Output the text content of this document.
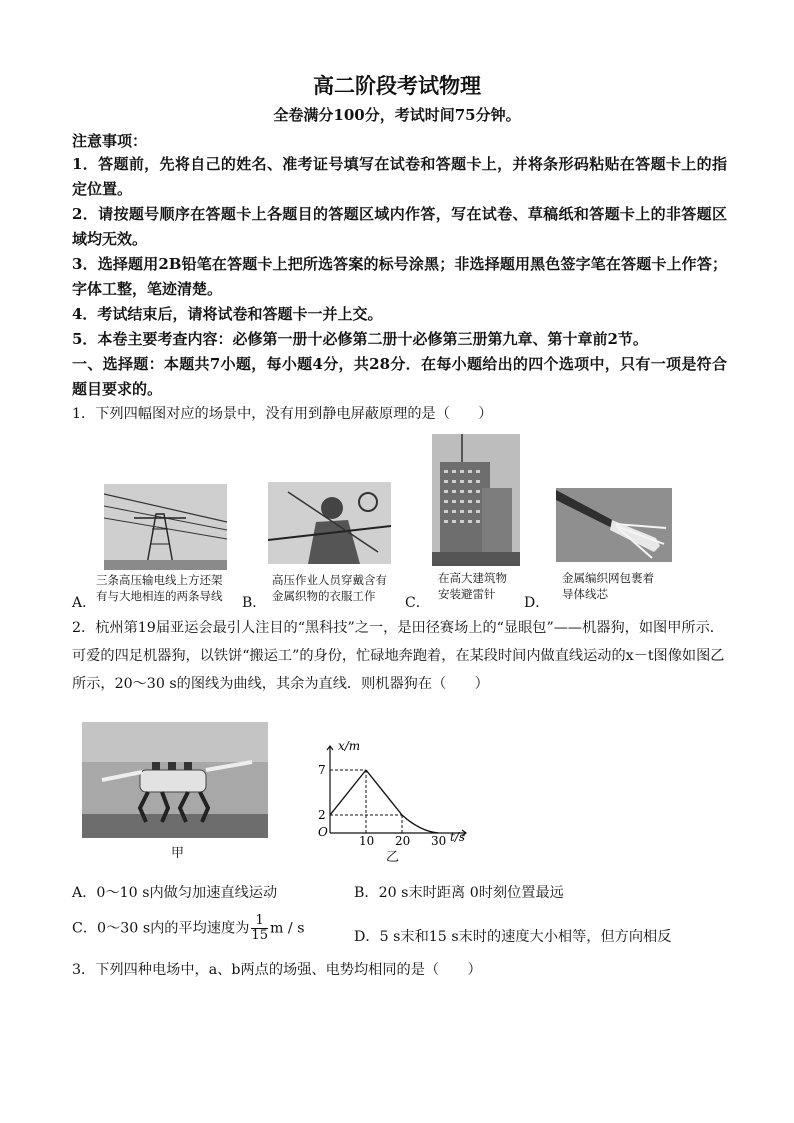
高二阶段考试物理
全卷满分100分，考试时间75分钟。
注意事项：
1．答题前，先将自己的姓名、准考证号填写在试卷和答题卡上，并将条形码粘贴在答题卡上的指定位置。
2．请按题号顺序在答题卡上各题目的答题区域内作答，写在试卷、草稿纸和答题卡上的非答题区域均无效。
3．选择题用2B铅笔在答题卡上把所选答案的标号涂黑；非选择题用黑色签字笔在答题卡上作答；字体工整，笔迹清楚。
4．考试结束后，请将试卷和答题卡一并上交。
5．本卷主要考查内容：必修第一册十必修第二册十必修第三册第九章、第十章前2节。
一、选择题：本题共7小题，每小题4分，共28分．在每小题给出的四个选项中，只有一项是符合题目要求的。
1．下列四幅图对应的场景中，没有用到静电屏蔽原理的是（　　）
三条高压输电线上方还架
有与大地相连的两条导线
A．
高压作业人员穿戴含有
金属织物的衣服工作
B．
在高大建筑物
安装避雷针
C．
金属编织网包裹着
导体线芯
D．
2．杭州第19届亚运会最引人注目的“黑科技”之一，是田径赛场上的“显眼包”——机器狗，如图甲所示．可爱的四足机器狗，以铁饼“搬运工”的身份，忙碌地奔跑着，在某段时间内做直线运动的x－t图像如图乙所示，20～30 s的图线为曲线，其余为直线．则机器狗在（　　）
7
2
10 20 30
O
x/m
t/s
甲	乙
A．0～10 s内做匀加速直线运动	B．20 s末时距离 0时刻位置最远
C．0～30 s内的平均速度为 $\frac{1}{15}$ m / s
D．5 s末和15 s末时的速度大小相等，但方向相反
3．下列四种电场中，a、b两点的场强、电势均相同的是（　　）
